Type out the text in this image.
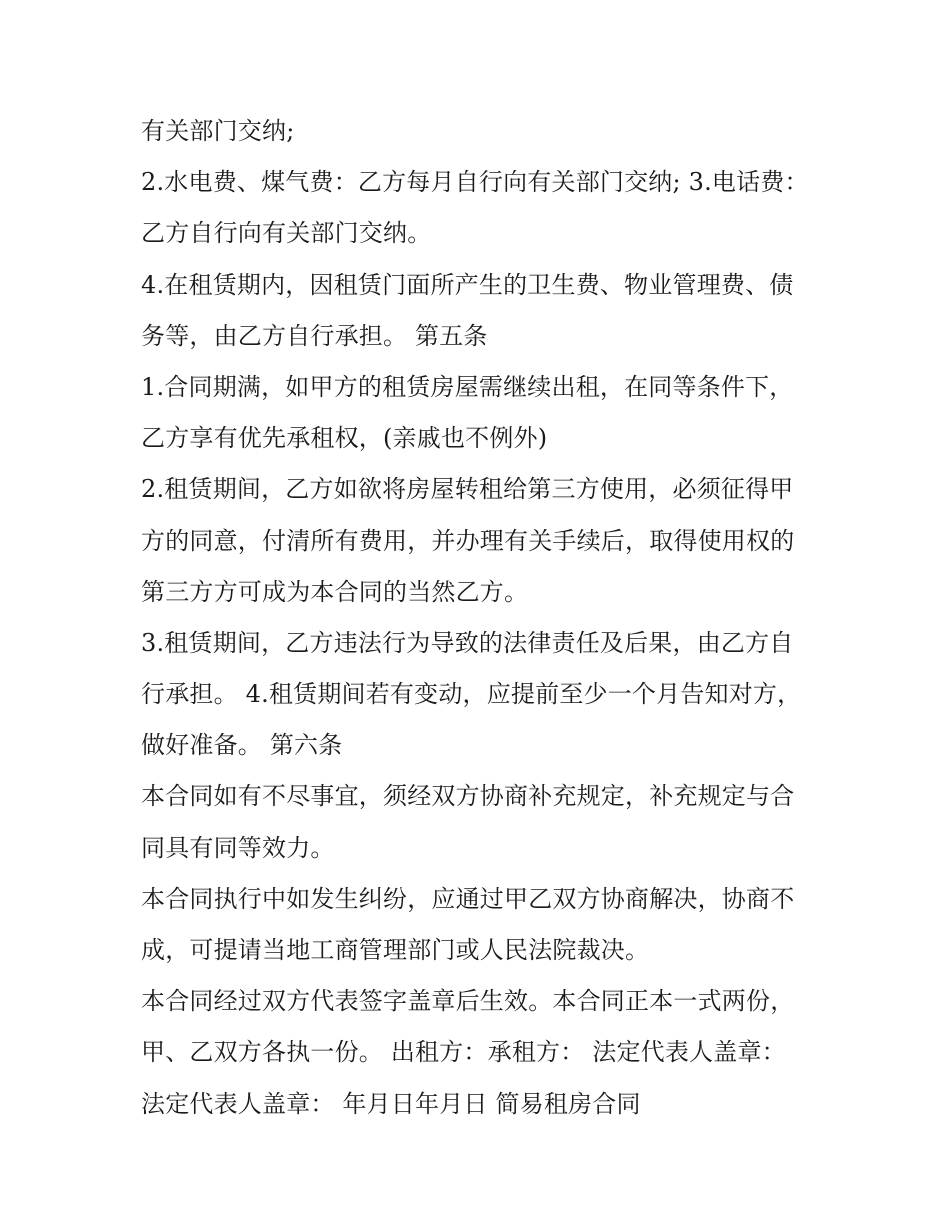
有关部门交纳;
2.水电费、煤气费：乙方每月自行向有关部门交纳; 3.电话费：
乙方自行向有关部门交纳。
4.在租赁期内，因租赁门面所产生的卫生费、物业管理费、债
务等，由乙方自行承担。 第五条
1.合同期满，如甲方的租赁房屋需继续出租，在同等条件下，
乙方享有优先承租权，(亲戚也不例外)
2.租赁期间，乙方如欲将房屋转租给第三方使用，必须征得甲
方的同意，付清所有费用，并办理有关手续后，取得使用权的
第三方方可成为本合同的当然乙方。
3.租赁期间，乙方违法行为导致的法律责任及后果，由乙方自
行承担。 4.租赁期间若有变动，应提前至少一个月告知对方，
做好准备。 第六条
本合同如有不尽事宜，须经双方协商补充规定，补充规定与合
同具有同等效力。
本合同执行中如发生纠纷，应通过甲乙双方协商解决，协商不
成，可提请当地工商管理部门或人民法院裁决。
本合同经过双方代表签字盖章后生效。本合同正本一式两份，
甲、乙双方各执一份。 出租方：承租方： 法定代表人盖章：
法定代表人盖章： 年月日年月日 简易租房合同
